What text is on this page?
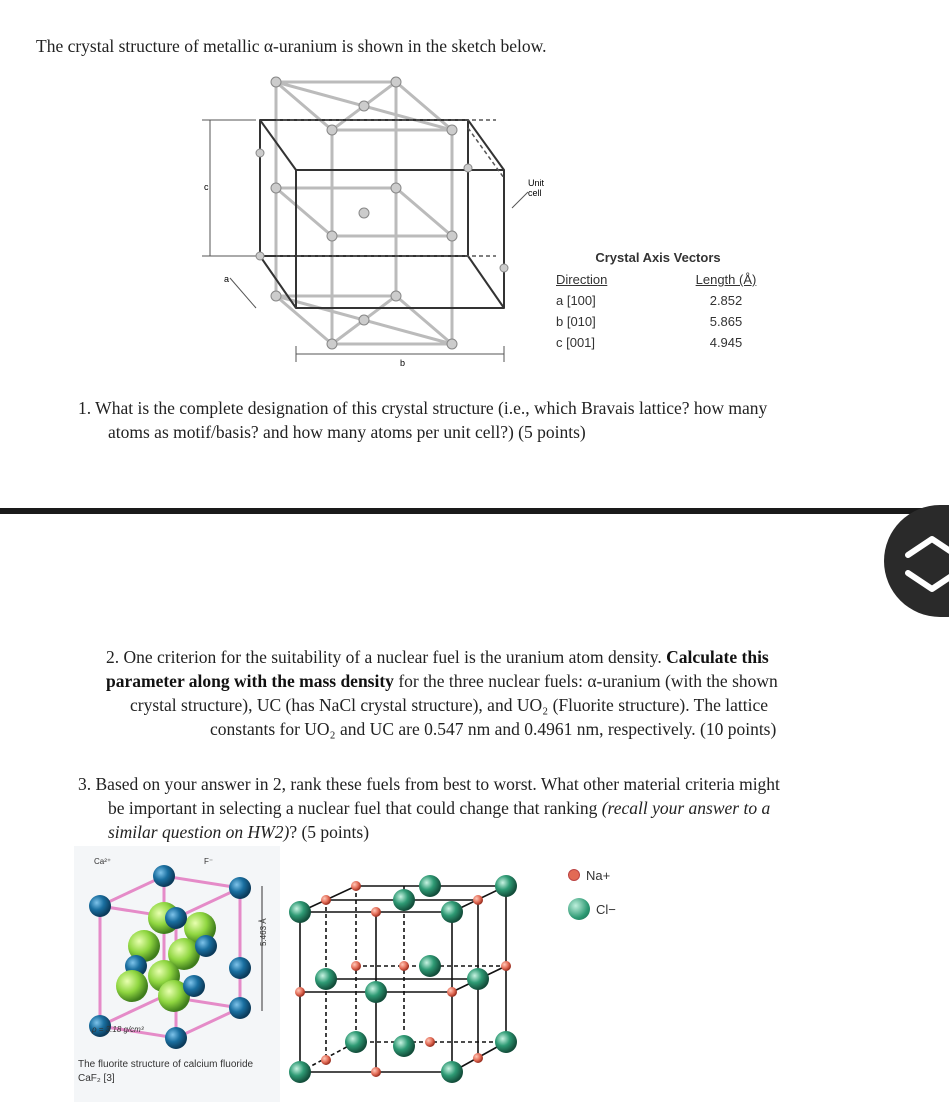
The crystal structure of metallic α-uranium is shown in the sketch below.
c
a
b
Unit
cell
Crystal Axis Vectors
Direction	Length (Å)
a [100]	2.852
b [010]	5.865
c [001]	4.945
1. What is the complete designation of this crystal structure (i.e., which Bravais lattice? how many
atoms as motif/basis? and how many atoms per unit cell?) (5 points)
2. One criterion for the suitability of a nuclear fuel is the uranium atom density. Calculate this
parameter along with the mass density for the three nuclear fuels: α-uranium (with the shown
crystal structure), UC (has NaCl crystal structure), and UO₂ (Fluorite structure). The lattice
constants for UO₂ and UC are 0.547 nm and 0.4961 nm, respectively. (10 points)
3. Based on your answer in 2, rank these fuels from best to worst. What other material criteria might
be important in selecting a nuclear fuel that could change that ranking (recall your answer to a
similar question on HW2)? (5 points)
5.463 Å
Ca²⁺	F⁻
ρ = 3.18 g/cm³
The fluorite structure of calcium fluoride
CaF₂ [3]
Na+
Cl−
